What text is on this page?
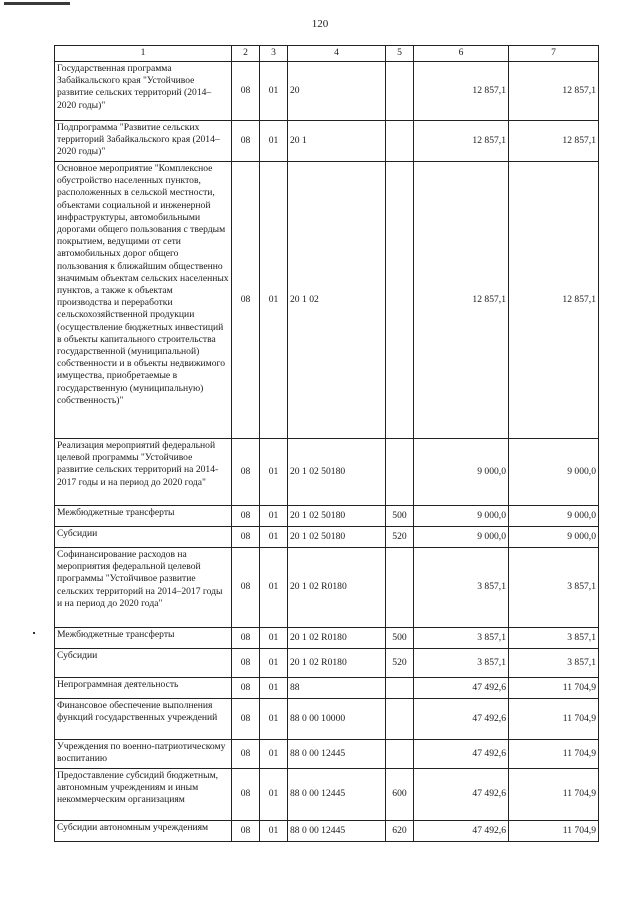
120
1	2	3	4	5	6	7
Государственная программа Забайкальского края "Устойчивое развитие сельских территорий (2014–2020 годы)"	08	01	20		12 857,1	12 857,1
Подпрограмма "Развитие сельских территорий Забайкальского края (2014–2020 годы)"	08	01	20 1		12 857,1	12 857,1
Основное мероприятие "Комплексное обустройство населенных пунктов, расположенных в сельской местности, объектами социальной и инженерной инфраструктуры, автомобильными дорогами общего пользования с твердым покрытием, ведущими от сети автомобильных дорог общего пользования к ближайшим общественно значимым объектам сельских населенных пунктов, а также к объектам производства и переработки сельскохозяйственной продукции (осуществление бюджетных инвестиций в объекты капитального строительства государственной (муниципальной) собственности и в объекты недвижимого имущества, приобретаемые в государственную (муниципальную) собственность)"	08	01	20 1 02		12 857,1	12 857,1
Реализация мероприятий федеральной целевой программы "Устойчивое развитие сельских территорий на 2014-2017 годы и на период до 2020 года"	08	01	20 1 02 50180		9 000,0	9 000,0
Межбюджетные трансферты	08	01	20 1 02 50180	500	9 000,0	9 000,0
Субсидии	08	01	20 1 02 50180	520	9 000,0	9 000,0
Софинансирование расходов на мероприятия федеральной целевой программы "Устойчивое развитие сельских территорий на 2014–2017 годы и на период до 2020 года"	08	01	20 1 02 R0180		3 857,1	3 857,1
Межбюджетные трансферты	08	01	20 1 02 R0180	500	3 857,1	3 857,1
Субсидии	08	01	20 1 02 R0180	520	3 857,1	3 857,1
Непрограммная деятельность	08	01	88		47 492,6	11 704,9
Финансовое обеспечение выполнения функций государственных учреждений	08	01	88 0 00 10000		47 492,6	11 704,9
Учреждения по военно-патриотическому воспитанию	08	01	88 0 00 12445		47 492,6	11 704,9
Предоставление субсидий бюджетным, автономным учреждениям и иным некоммерческим организациям	08	01	88 0 00 12445	600	47 492,6	11 704,9
Субсидии автономным учреждениям	08	01	88 0 00 12445	620	47 492,6	11 704,9
